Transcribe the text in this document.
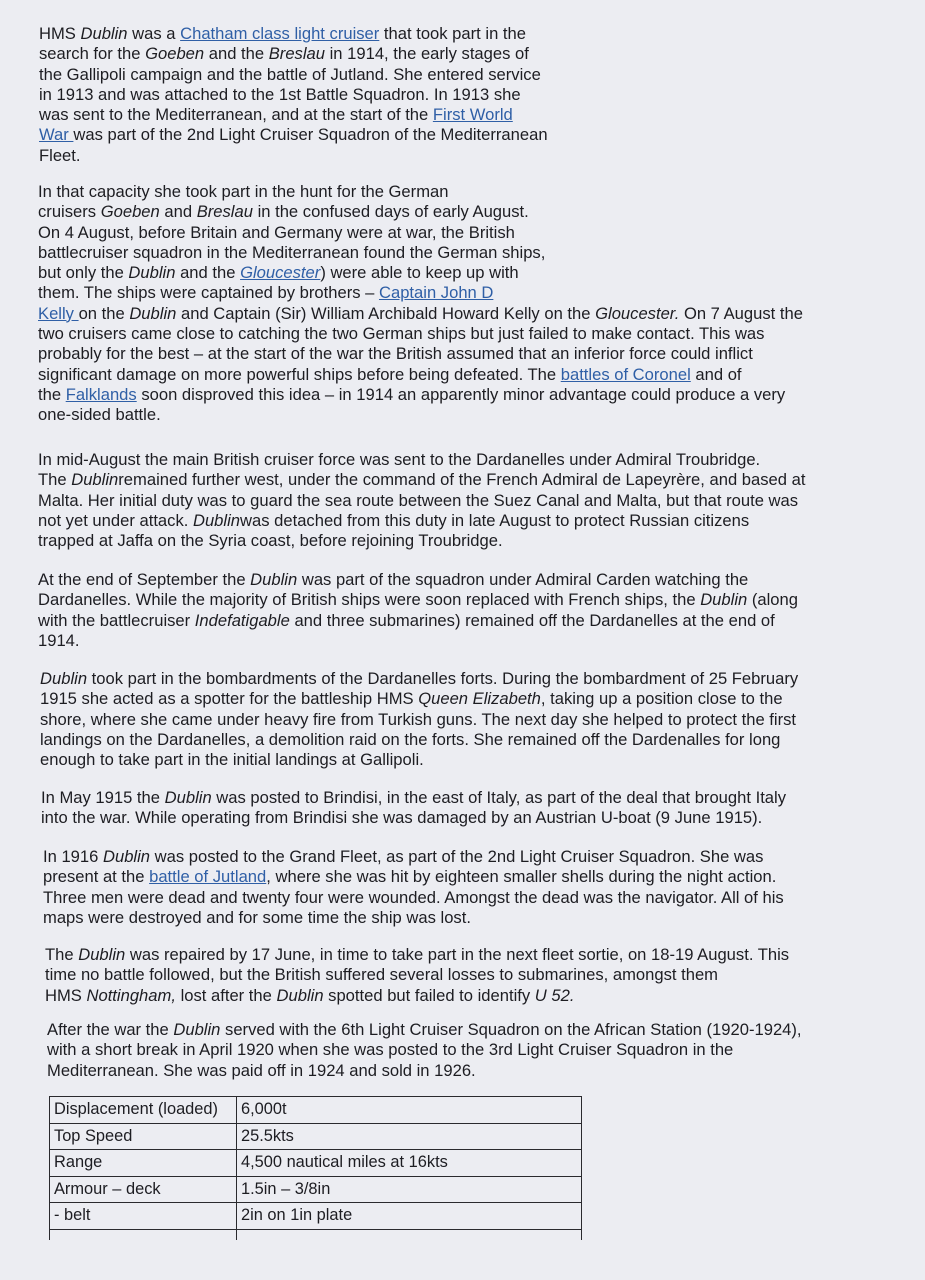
HMS Dublin was a Chatham class light cruiser that took part in the
search for the Goeben and the Breslau in 1914, the early stages of
the Gallipoli campaign and the battle of Jutland. She entered service
in 1913 and was attached to the 1st Battle Squadron. In 1913 she
was sent to the Mediterranean, and at the start of the First World
War was part of the 2nd Light Cruiser Squadron of the Mediterranean
Fleet.
In that capacity she took part in the hunt for the German
cruisers Goeben and Breslau in the confused days of early August.
On 4 August, before Britain and Germany were at war, the British
battlecruiser squadron in the Mediterranean found the German ships,
but only the Dublin and the Gloucester) were able to keep up with
them. The ships were captained by brothers – Captain John D
Kelly on the Dublin and Captain (Sir) William Archibald Howard Kelly on the Gloucester. On 7 August the
two cruisers came close to catching the two German ships but just failed to make contact. This was
probably for the best – at the start of the war the British assumed that an inferior force could inflict
significant damage on more powerful ships before being defeated. The battles of Coronel and of
the Falklands soon disproved this idea – in 1914 an apparently minor advantage could produce a very
one-sided battle.
In mid-August the main British cruiser force was sent to the Dardanelles under Admiral Troubridge.
The Dublinremained further west, under the command of the French Admiral de Lapeyrère, and based at
Malta. Her initial duty was to guard the sea route between the Suez Canal and Malta, but that route was
not yet under attack. Dublinwas detached from this duty in late August to protect Russian citizens
trapped at Jaffa on the Syria coast, before rejoining Troubridge.
At the end of September the Dublin was part of the squadron under Admiral Carden watching the
Dardanelles. While the majority of British ships were soon replaced with French ships, the Dublin (along
with the battlecruiser Indefatigable and three submarines) remained off the Dardanelles at the end of
1914.
Dublin took part in the bombardments of the Dardanelles forts. During the bombardment of 25 February
1915 she acted as a spotter for the battleship HMS Queen Elizabeth, taking up a position close to the
shore, where she came under heavy fire from Turkish guns. The next day she helped to protect the first
landings on the Dardanelles, a demolition raid on the forts. She remained off the Dardenalles for long
enough to take part in the initial landings at Gallipoli.
In May 1915 the Dublin was posted to Brindisi, in the east of Italy, as part of the deal that brought Italy
into the war. While operating from Brindisi she was damaged by an Austrian U-boat (9 June 1915).
In 1916 Dublin was posted to the Grand Fleet, as part of the 2nd Light Cruiser Squadron. She was
present at the battle of Jutland, where she was hit by eighteen smaller shells during the night action.
Three men were dead and twenty four were wounded. Amongst the dead was the navigator. All of his
maps were destroyed and for some time the ship was lost.
The Dublin was repaired by 17 June, in time to take part in the next fleet sortie, on 18-19 August. This
time no battle followed, but the British suffered several losses to submarines, amongst them
HMS Nottingham, lost after the Dublin spotted but failed to identify U 52.
After the war the Dublin served with the 6th Light Cruiser Squadron on the African Station (1920-1924),
with a short break in April 1920 when she was posted to the 3rd Light Cruiser Squadron in the
Mediterranean. She was paid off in 1924 and sold in 1926.
Displacement (loaded)	6,000t
Top Speed	25.5kts
Range	4,500 nautical miles at 16kts
Armour – deck	1.5in – 3/8in
- belt	2in on 1in plate
